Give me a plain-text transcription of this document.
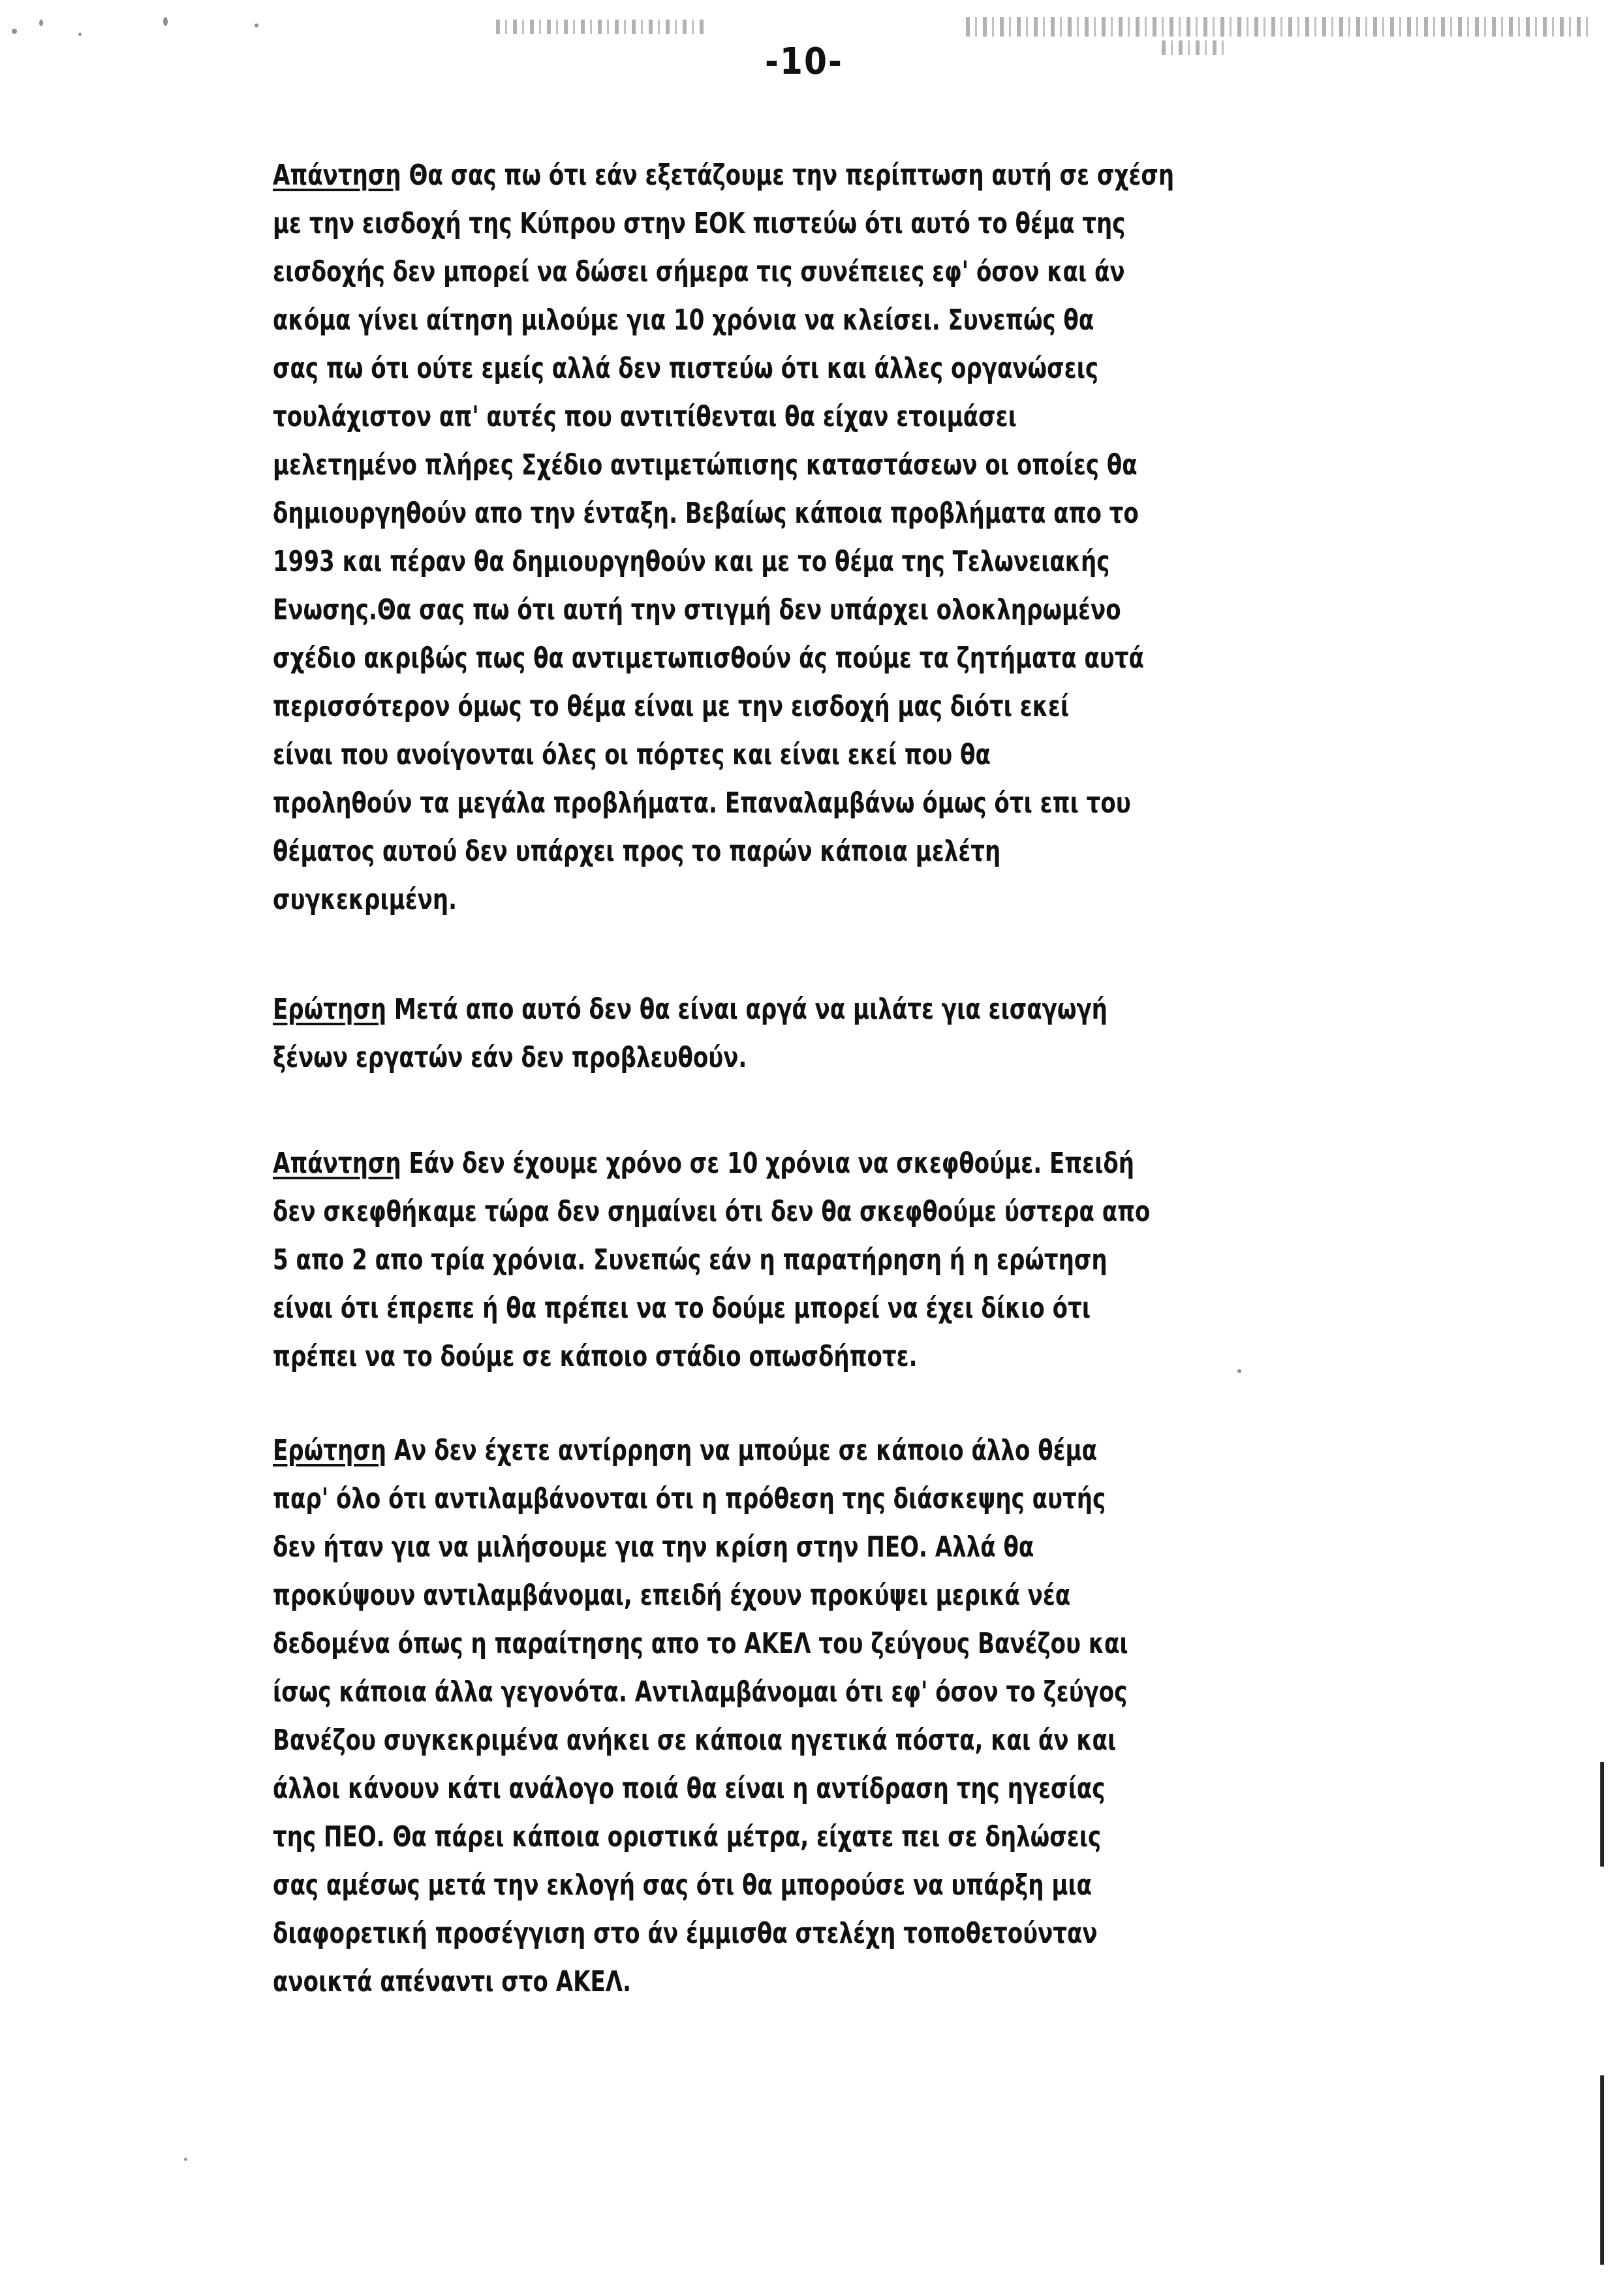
-10-
Απάντηση Θα σας πω ότι εάν εξετάζουμε την περίπτωση αυτή σε σχέση
με την εισδοχή της Κύπρου στην ΕΟΚ πιστεύω ότι αυτό το θέμα της
εισδοχής δεν μπορεί να δώσει σήμερα τις συνέπειες εφ' όσον και άν
ακόμα γίνει αίτηση μιλούμε για 10 χρόνια να κλείσει. Συνεπώς θα
σας πω ότι ούτε εμείς αλλά δεν πιστεύω ότι και άλλες οργανώσεις
τουλάχιστον απ' αυτές που αντιτίθενται θα είχαν ετοιμάσει
μελετημένο πλήρες Σχέδιο αντιμετώπισης καταστάσεων οι οποίες θα
δημιουργηθούν απο την ένταξη. Βεβαίως κάποια προβλήματα απο το
1993 και πέραν θα δημιουργηθούν και με το θέμα της Τελωνειακής
Ενωσης.Θα σας πω ότι αυτή την στιγμή δεν υπάρχει ολοκληρωμένο
σχέδιο ακριβώς πως θα αντιμετωπισθούν άς πούμε τα ζητήματα αυτά
περισσότερον όμως το θέμα είναι με την εισδοχή μας διότι εκεί
είναι που ανοίγονται όλες οι πόρτες και είναι εκεί που θα
προληθούν τα μεγάλα προβλήματα. Επαναλαμβάνω όμως ότι επι του
θέματος αυτού δεν υπάρχει προς το παρών κάποια μελέτη
συγκεκριμένη.
Ερώτηση Μετά απο αυτό δεν θα είναι αργά να μιλάτε για εισαγωγή
ξένων εργατών εάν δεν προβλευθούν.
Απάντηση Εάν δεν έχουμε χρόνο σε 10 χρόνια να σκεφθούμε. Επειδή
δεν σκεφθήκαμε τώρα δεν σημαίνει ότι δεν θα σκεφθούμε ύστερα απο
5 απο 2 απο τρία χρόνια. Συνεπώς εάν η παρατήρηση ή η ερώτηση
είναι ότι έπρεπε ή θα πρέπει να το δούμε μπορεί να έχει δίκιο ότι
πρέπει να το δούμε σε κάποιο στάδιο οπωσδήποτε.
Ερώτηση Αν δεν έχετε αντίρρηση να μπούμε σε κάποιο άλλο θέμα
παρ' όλο ότι αντιλαμβάνονται ότι η πρόθεση της διάσκεψης αυτής
δεν ήταν για να μιλήσουμε για την κρίση στην ΠΕΟ. Αλλά θα
προκύψουν αντιλαμβάνομαι, επειδή έχουν προκύψει μερικά νέα
δεδομένα όπως η παραίτησης απο το ΑΚΕΛ του ζεύγους Βανέζου και
ίσως κάποια άλλα γεγονότα. Αντιλαμβάνομαι ότι εφ' όσον το ζεύγος
Βανέζου συγκεκριμένα ανήκει σε κάποια ηγετικά πόστα, και άν και
άλλοι κάνουν κάτι ανάλογο ποιά θα είναι η αντίδραση της ηγεσίας
της ΠΕΟ. Θα πάρει κάποια οριστικά μέτρα, είχατε πει σε δηλώσεις
σας αμέσως μετά την εκλογή σας ότι θα μπορούσε να υπάρξη μια
διαφορετική προσέγγιση στο άν έμμισθα στελέχη τοποθετούνταν
ανοικτά απέναντι στο ΑΚΕΛ.
